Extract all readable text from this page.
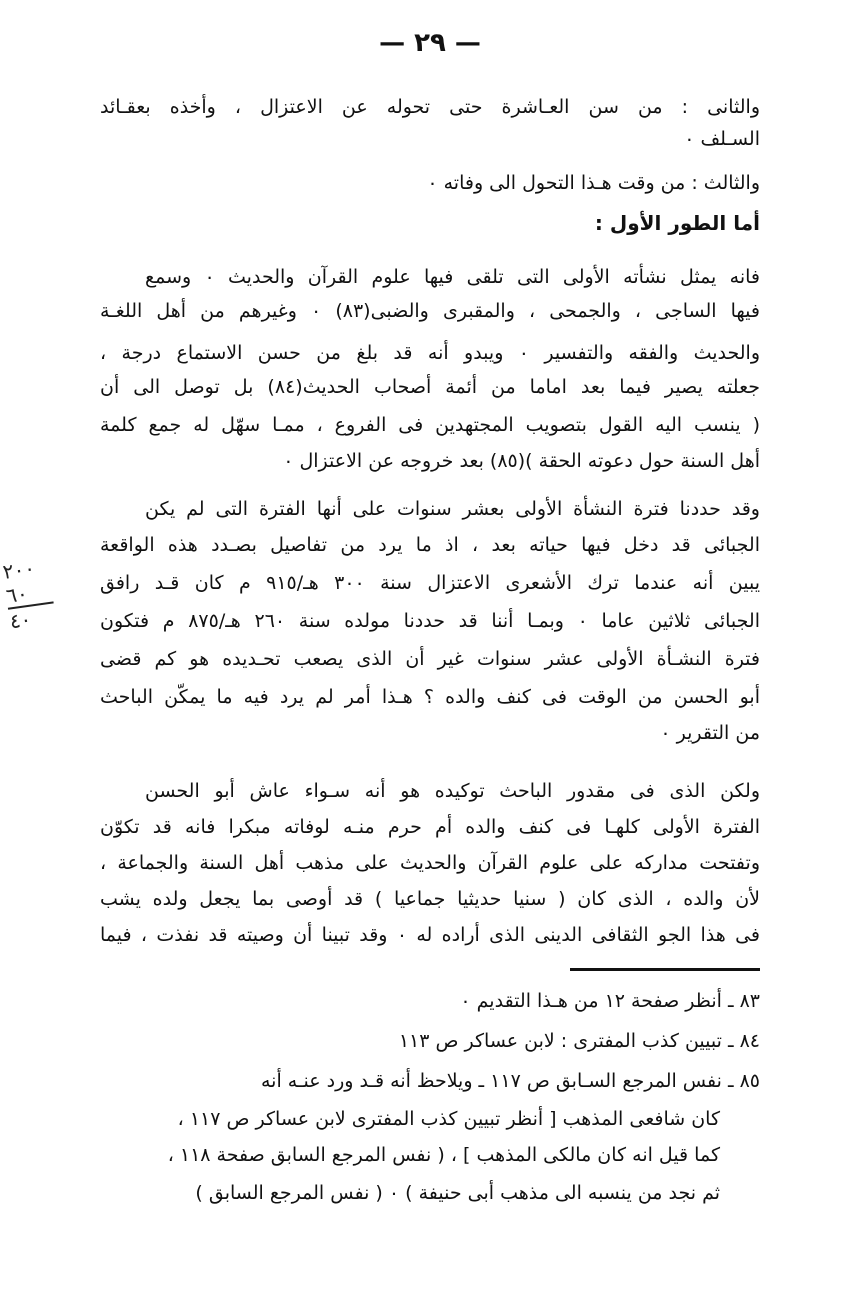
— ٢٩ —
والثانى : من سن العـاشرة حتى تحوله عن الاعتزال ، وأخذه بعقـائد
السـلف ٠
والثالث : من وقت هـذا التحول الى وفاته ٠
أما الطور الأول :
فانه يمثل نشأته الأولى التى تلقى فيها علوم القرآن والحديث ٠ وسمع
فيها الساجى ، والجمحى ، والمقبرى والضبى(٨٣) ٠ وغيرهم من أهل اللغـة
والحديث والفقه والتفسير ٠ ويبدو أنه قد بلغ من حسن الاستماع درجة ،
جعلته يصير فيما بعد اماما من أئمة أصحاب الحديث(٨٤) بل توصل الى أن
( ينسب اليه القول بتصويب المجتهدين فى الفروع ، ممـا سهّل له جمع كلمة
أهل السنة حول دعوته الحقة )(٨٥) بعد خروجه عن الاعتزال ٠
وقد حددنا فترة النشأة الأولى بعشر سنوات على أنها الفترة التى لم يكن
الجبائى قد دخل فيها حياته بعد ، اذ ما يرد من تفاصيل بصـدد هذه الواقعة
يبين أنه عندما ترك الأشعرى الاعتزال سنة ٣٠٠ هـ/٩١٥ م كان قـد رافق
الجبائى ثلاثين عاما ٠ وبمـا أننا قد حددنا مولده سنة ٢٦٠ هـ/٨٧٥ م فتكون
فترة النشـأة الأولى عشر سنوات غير أن الذى يصعب تحـديده هو كم قضى
أبو الحسن من الوقت فى كنف والده ؟ هـذا أمر لم يرد فيه ما يمكّن الباحث
من التقرير ٠
ولكن الذى فى مقدور الباحث توكيده هو أنه سـواء عاش أبو الحسن
الفترة الأولى كلهـا فى كنف والده أم حرم منـه لوفاته مبكرا فانه قد تكوّن
وتفتحت مداركه على علوم القرآن والحديث على مذهب أهل السنة والجماعة ،
لأن والده ، الذى كان ( سنيا حديثيا جماعيا ) قد أوصى بما يجعل ولده يشب
فى هذا الجو الثقافى الدينى الذى أراده له ٠ وقد تبينا أن وصيته قد نفذت ، فيما
٨٣ ـ أنظر صفحة ١٢ من هـذا التقديم ٠
٨٤ ـ تبيين كذب المفترى : لابن عساكر ص ١١٣
٨٥ ـ نفس المرجع السـابق ص ١١٧ ـ ويلاحظ أنه قـد ورد عنـه أنه
كان شافعى المذهب [ أنظر تبيين كذب المفترى لابن عساكر ص ١١٧ ،
كما قيل انه كان مالكى المذهب ] ، ( نفس المرجع السابق صفحة ١١٨ ،
ثم نجد من ينسبه الى مذهب أبى حنيفة ) ٠ ( نفس المرجع السابق )
٢٠٠
٦٠
٤٠
